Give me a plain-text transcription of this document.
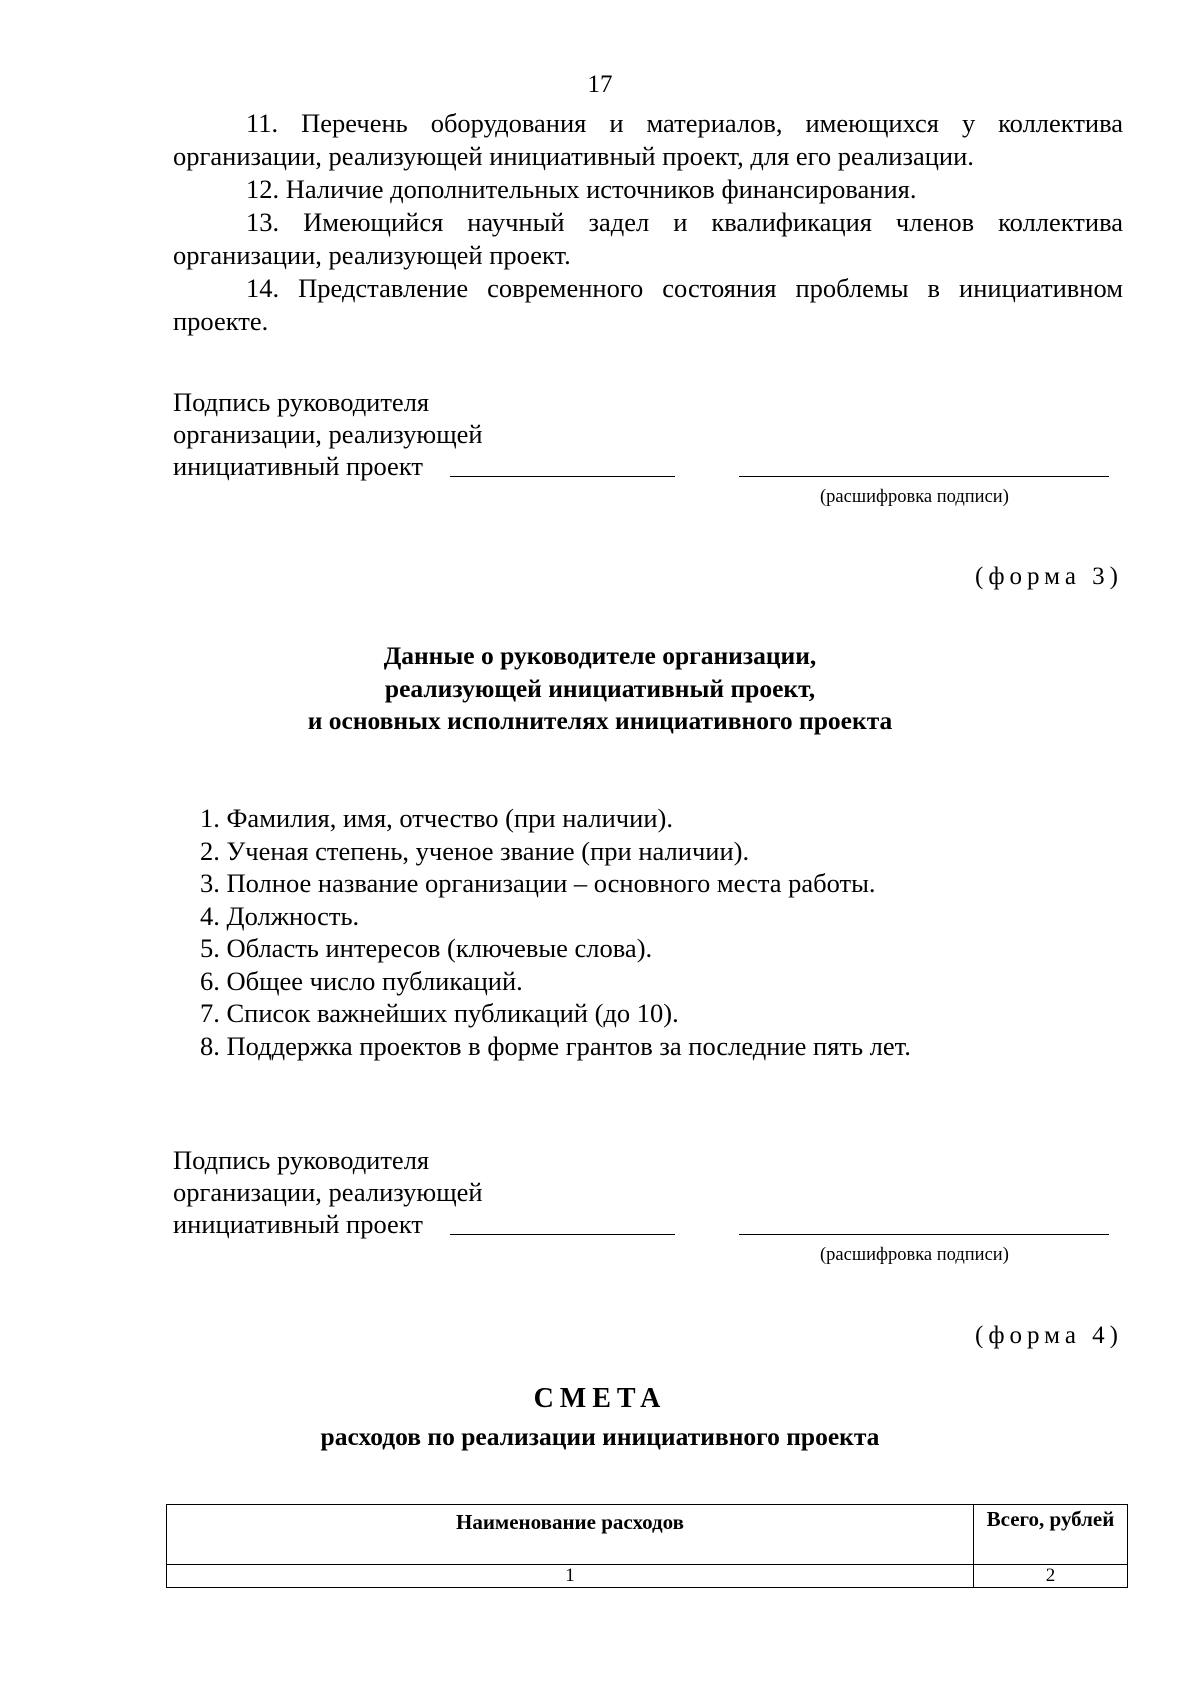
17
11. Перечень оборудования и материалов, имеющихся у коллектива организации, реализующей инициативный проект, для его реализации.
12. Наличие дополнительных источников финансирования.
13. Имеющийся научный задел и квалификация членов коллектива организации, реализующей проект.
14. Представление современного состояния проблемы в инициативном проекте.
Подпись руководителя
организации, реализующей
инициативный проект
(расшифровка подписи)
(форма 3)
Данные о руководителе организации,
реализующей инициативный проект,
и основных исполнителях инициативного проекта
1. Фамилия, имя, отчество (при наличии).
2. Ученая степень, ученое звание (при наличии).
3. Полное название организации – основного места работы.
4. Должность.
5. Область интересов (ключевые слова).
6. Общее число публикаций.
7. Список важнейших публикаций (до 10).
8. Поддержка проектов в форме грантов за последние пять лет.
Подпись руководителя
организации, реализующей
инициативный проект
(расшифровка подписи)
(форма 4)
СМЕТА
расходов по реализации инициативного проекта
Наименование расходов	Всего, рублей
1	2
